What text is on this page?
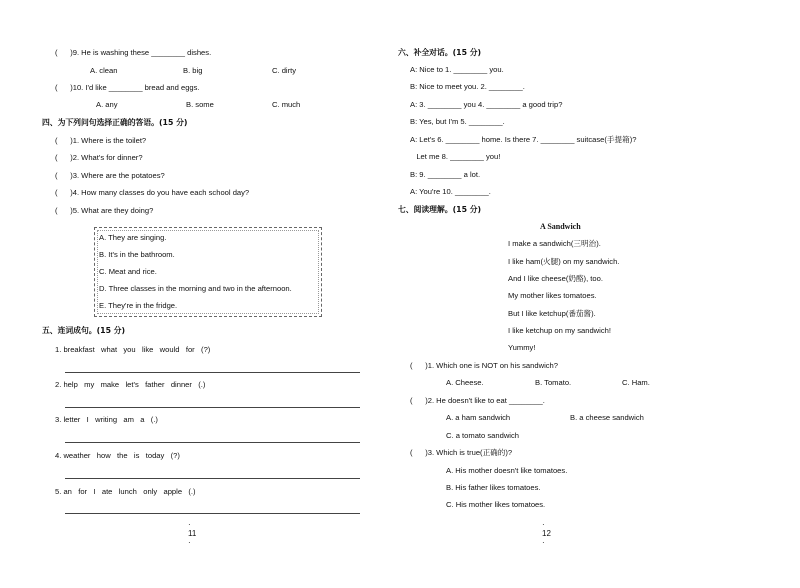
(      )9. He is washing these ________ dishes.
A. clean	B. big	C. dirty
(      )10. I'd like ________ bread and eggs.
A. any	B. some	C. much
四、为下列问句选择正确的答语。(15 分)
(      )1. Where is the toilet?
(      )2. What's for dinner?
(      )3. Where are the potatoes?
(      )4. How many classes do you have each school day?
(      )5. What are they doing?
A. They are singing.
B. It's in the bathroom.
C. Meat and rice.
D. Three classes in the morning and two in the afternoon.
E. They're in the fridge.
五、连词成句。(15 分)
1. breakfast   what   you   like   would   for   (?)
2. help   my   make   let's   father   dinner   (.)
3. letter   I   writing   am   a   (.)
4. weather   how   the   is   today   (?)
5. an   for   I   ate   lunch   only   apple   (.)
· 11 ·
六、补全对话。(15 分)
A: Nice to 1. ________ you.
B: Nice to meet you. 2. ________.
A: 3. ________ you 4. ________ a good trip?
B: Yes, but I'm 5. ________.
A: Let's 6. ________ home. Is there 7. ________ suitcase(手提箱)?
Let me 8. ________ you!
B: 9. ________ a lot.
A: You're 10. ________.
七、阅读理解。(15 分)
A Sandwich
I make a sandwich(三明治).
I like ham(火腿) on my sandwich.
And I like cheese(奶酪), too.
My mother likes tomatoes.
But I like ketchup(番茄酱).
I like ketchup on my sandwich!
Yummy!
(      )1. Which one is NOT on his sandwich?
A. Cheese.	B. Tomato.	C. Ham.
(      )2. He doesn't like to eat ________.
A. a ham sandwich	B. a cheese sandwich
C. a tomato sandwich
(      )3. Which is true(正确的)?
A. His mother doesn't like tomatoes.
B. His father likes tomatoes.
C. His mother likes tomatoes.
· 12 ·
